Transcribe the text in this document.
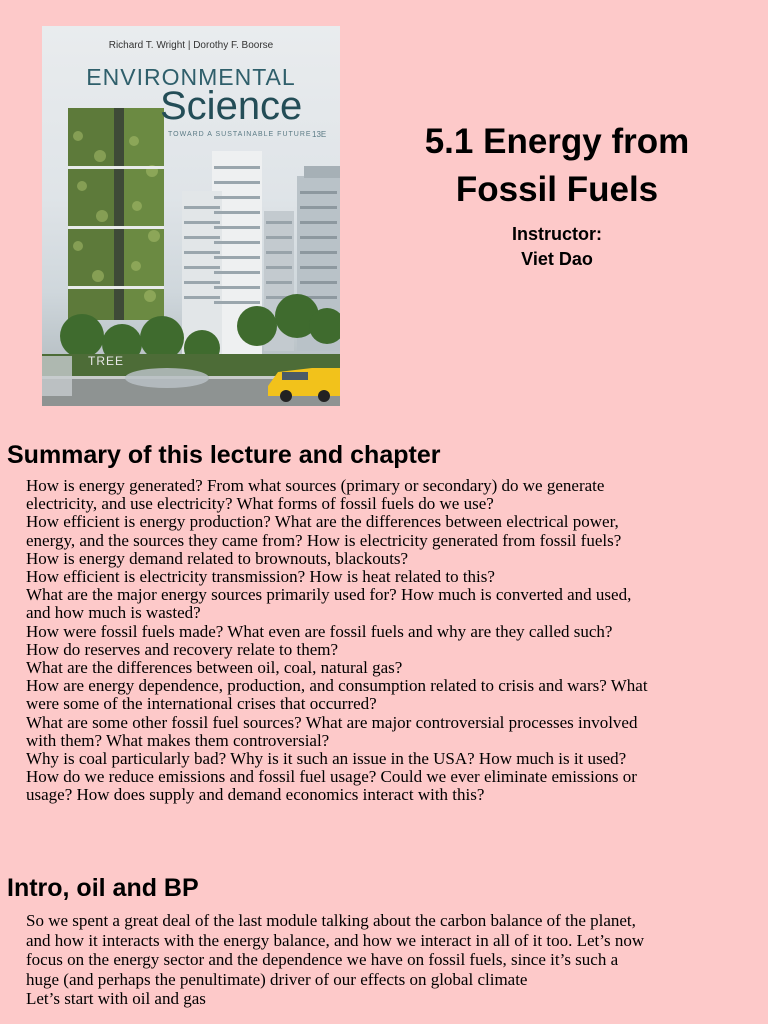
Richard T. Wright | Dorothy F. Boorse
ENVIRONMENTAL
Science
TOWARD A SUSTAINABLE FUTURE 13E
TREE
5.1 Energy from
Fossil Fuels
Instructor:
Viet Dao
Summary of this lecture and chapter
How is energy generated? From what sources (primary or secondary) do we generate
electricity, and use electricity? What forms of fossil fuels do we use?
How efficient is energy production? What are the differences between electrical power,
energy, and the sources they came from? How is electricity generated from fossil fuels?
How is energy demand related to brownouts, blackouts?
How efficient is electricity transmission? How is heat related to this?
What are the major energy sources primarily used for? How much is converted and used,
and how much is wasted?
How were fossil fuels made? What even are fossil fuels and why are they called such?
How do reserves and recovery relate to them?
What are the differences between oil, coal, natural gas?
How are energy dependence, production, and consumption related to crisis and wars? What
were some of the international crises that occurred?
What are some other fossil fuel sources? What are major controversial processes involved
with them? What makes them controversial?
Why is coal particularly bad? Why is it such an issue in the USA? How much is it used?
How do we reduce emissions and fossil fuel usage? Could we ever eliminate emissions or
usage? How does supply and demand economics interact with this?
Intro, oil and BP

So we spent a great deal of the last module talking about the carbon balance of the planet,

and how it interacts with the energy balance, and how we interact in all of it too. Let’s now

focus on the energy sector and the dependence we have on fossil fuels, since it’s such a

huge (and perhaps the penultimate) driver of our effects on global climate

Let’s start with oil and gas
